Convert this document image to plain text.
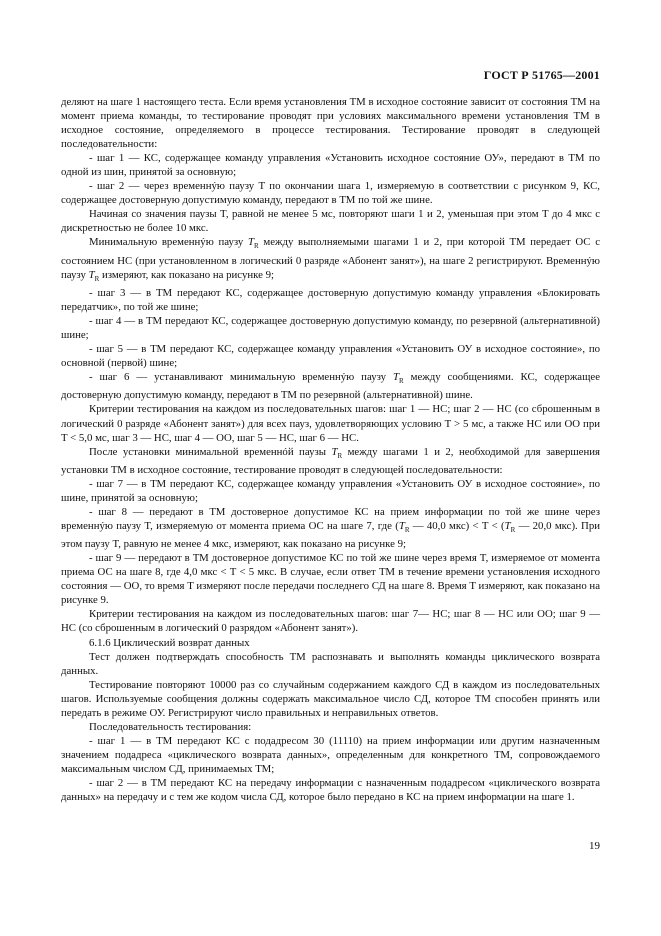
ГОСТ Р 51765—2001

деляют на шаге 1 настоящего теста. Если время установления ТМ в исходное состояние зависит от состояния ТМ на момент приема команды, то тестирование проводят при условиях максимального времени установления ТМ в исходное состояние, определяемого в процессе тестирования. Тестирование проводят в следующей последовательности:

- шаг 1 — КС, содержащее команду управления «Установить исходное состояние ОУ», передают в ТМ по одной из шин, принятой за основную;

- шаг 2 — через временнýю паузу T по окончании шага 1, измеряемую в соответствии с рисунком 9, КС, содержащее достоверную допустимую команду, передают в ТМ по той же шине.

Начиная со значения паузы T, равной не менее 5 мс, повторяют шаги 1 и 2, уменьшая при этом T до 4 мкс с дискретностью не более 10 мкс.

Минимальную временнýю паузу $T_R$ между выполняемыми шагами 1 и 2, при которой ТМ передает ОС с состоянием НС (при установленном в логический 0 разряде «Абонент занят»), на шаге 2 регистрируют. Временнýю паузу $T_R$ измеряют, как показано на рисунке 9;

- шаг 3 — в ТМ передают КС, содержащее достоверную допустимую команду управления «Блокировать передатчик», по той же шине;

- шаг 4 — в ТМ передают КС, содержащее достоверную допустимую команду, по резервной (альтернативной) шине;

- шаг 5 — в ТМ передают КС, содержащее команду управления «Установить ОУ в исходное состояние», по основной (первой) шине;

- шаг 6 — устанавливают минимальную временнýю паузу $T_R$ между сообщениями. КС, содержащее достоверную допустимую команду, передают в ТМ по резервной (альтернативной) шине.

Критерии тестирования на каждом из последовательных шагов: шаг 1 — НС; шаг 2 — НС (со сброшенным в логический 0 разряде «Абонент занят») для всех пауз, удовлетворяющих условию T > 5 мс, а также НС или ОО при T < 5,0 мс, шаг 3 — НС, шаг 4 — ОО, шаг 5 — НС, шаг 6 — НС.

После установки минимальной временнóй паузы $T_R$ между шагами 1 и 2, необходимой для завершения установки ТМ в исходное состояние, тестирование проводят в следующей последовательности:

- шаг 7 — в ТМ передают КС, содержащее команду управления «Установить ОУ в исходное состояние», по шине, принятой за основную;

- шаг 8 — передают в ТМ достоверное допустимое КС на прием информации по той же шине через временнýю паузу T, измеряемую от момента приема ОС на шаге 7, где ($T_R$ — 40,0 $мкс) < T < (T_R$ — 20,0 мкс). При этом паузу T, равную не менее 4 мкс, измеряют, как показано на рисунке 9;

- шаг 9 — передают в ТМ достоверное допустимое КС по той же шине через время T, измеряемое от момента приема ОС на шаге 8, где 4,0 мкс < T < 5 мкс. В случае, если ответ ТМ в течение времени установления исходного состояния — ОО, то время T измеряют после передачи последнего СД на шаге 8. Время T измеряют, как показано на рисунке 9.

Критерии тестирования на каждом из последовательных шагов: шаг 7— НС; шаг 8 — НС или ОО; шаг 9 — НС (со сброшенным в логический 0 разрядом «Абонент занят»).

6.1.6 Циклический возврат данных

Тест должен подтверждать способность ТМ распознавать и выполнять команды циклического возврата данных.

Тестирование повторяют 10000 раз со случайным содержанием каждого СД в каждом из последовательных шагов. Используемые сообщения должны содержать максимальное число СД, которое ТМ способен принять или передать в режиме ОУ. Регистрируют число правильных и неправильных ответов.

Последовательность тестирования:

- шаг 1 — в ТМ передают КС с подадресом 30 (11110) на прием информации или другим назначенным значением подадреса «циклического возврата данных», определенным для конкретного ТМ, сопровождаемого максимальным числом СД, принимаемых ТМ;

- шаг 2 — в ТМ передают КС на передачу информации с назначенным подадресом «циклического возврата данных» на передачу и с тем же кодом числа СД, которое было передано в КС на прием информации на шаге 1.

19
